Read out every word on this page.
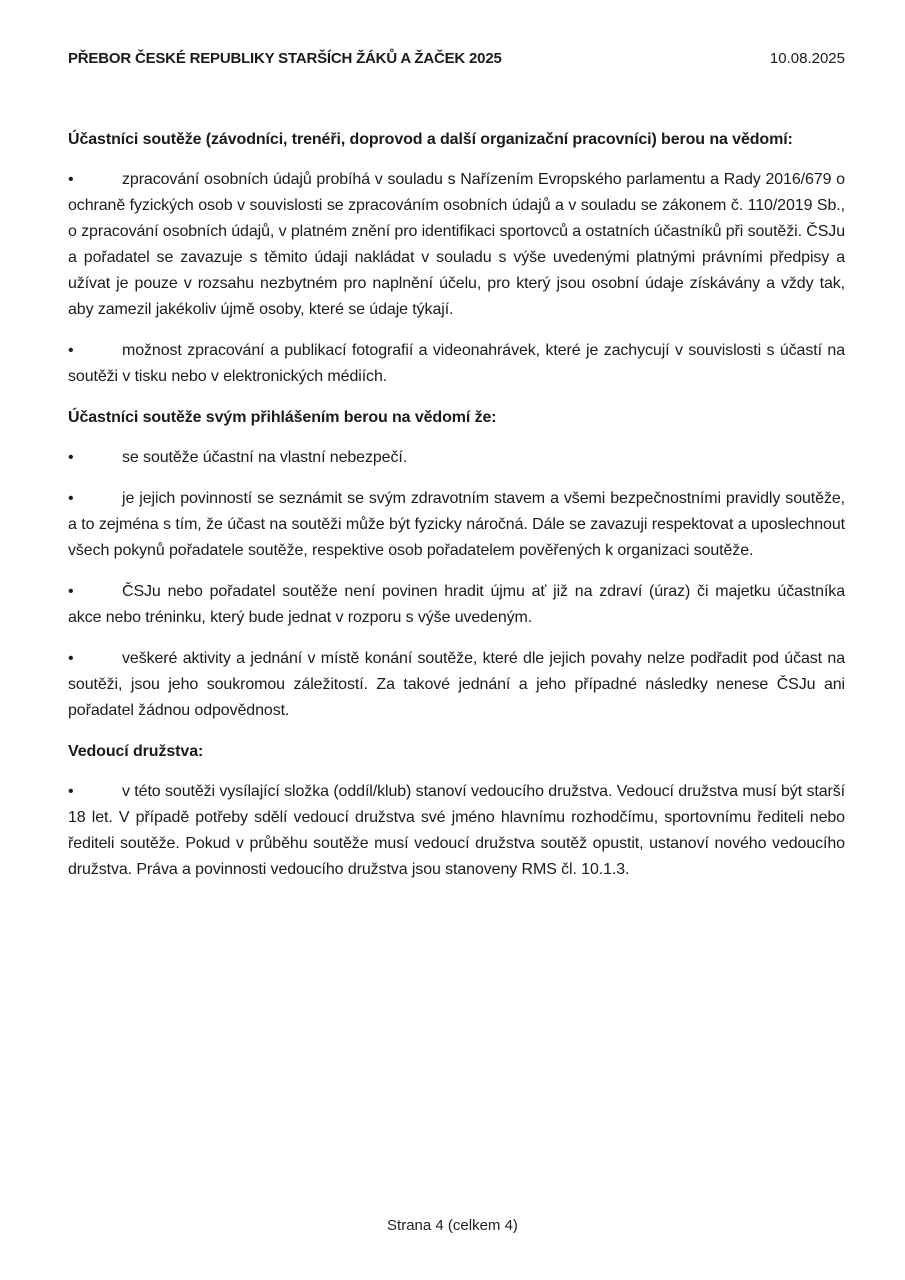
PŘEBOR ČESKÉ REPUBLIKY STARŠÍCH ŽÁKŮ A ŽAČEK 2025	10.08.2025
Účastníci soutěže (závodníci, trenéři, doprovod a další organizační pracovníci) berou na vědomí:

•	zpracování osobních údajů probíhá v souladu s Nařízením Evropského parlamentu a Rady 2016/679 o ochraně fyzických osob v souvislosti se zpracováním osobních údajů a v souladu se zákonem č. 110/2019 Sb., o zpracování osobních údajů, v platném znění pro identifikaci sportovců a ostatních účastníků při soutěži. ČSJu a pořadatel se zavazuje s těmito údaji nakládat v souladu s výše uvedenými platnými právními předpisy a užívat je pouze v rozsahu nezbytném pro naplnění účelu, pro který jsou osobní údaje získávány a vždy tak, aby zamezil jakékoliv újmě osoby, které se údaje týkají.

•	možnost zpracování a publikací fotografií a videonahrávek, které je zachycují v souvislosti s účastí na soutěži v tisku nebo v elektronických médiích.

Účastníci soutěže svým přihlášením berou na vědomí že:

•	se soutěže účastní na vlastní nebezpečí.

•	je jejich povinností se seznámit se svým zdravotním stavem a všemi bezpečnostními pravidly soutěže, a to zejména s tím, že účast na soutěži může být fyzicky náročná. Dále se zavazuji respektovat a uposlechnout všech pokynů pořadatele soutěže, respektive osob pořadatelem pověřených k organizaci soutěže.

•	ČSJu nebo pořadatel soutěže není povinen hradit újmu ať již na zdraví (úraz) či majetku účastníka akce nebo tréninku, který bude jednat v rozporu s výše uvedeným.

•	veškeré aktivity a jednání v místě konání soutěže, které dle jejich povahy nelze podřadit pod účast na soutěži, jsou jeho soukromou záležitostí. Za takové jednání a jeho případné následky nenese ČSJu ani pořadatel žádnou odpovědnost.

Vedoucí družstva:

•	v této soutěži vysílající složka (oddíl/klub) stanoví vedoucího družstva. Vedoucí družstva musí být starší 18 let. V případě potřeby sdělí vedoucí družstva své jméno hlavnímu rozhodčímu, sportovnímu řediteli nebo řediteli soutěže. Pokud v průběhu soutěže musí vedoucí družstva soutěž opustit, ustanoví nového vedoucího družstva. Práva a povinnosti vedoucího družstva jsou stanoveny RMS čl. 10.1.3.

Strana 4 (celkem 4)
